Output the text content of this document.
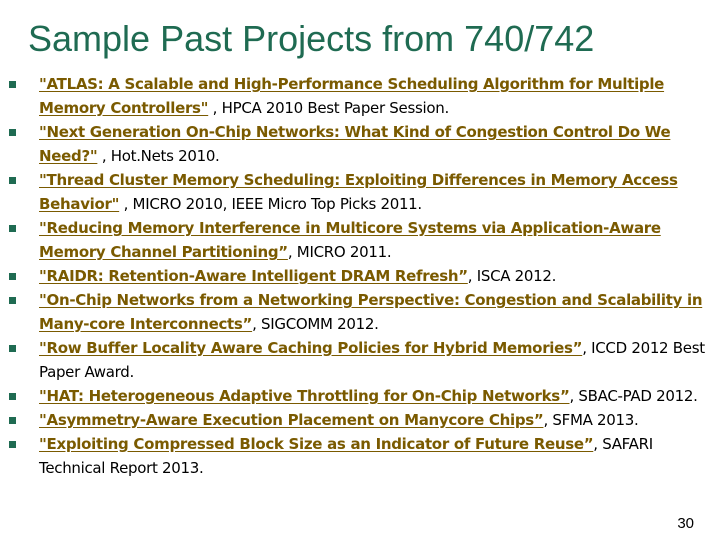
Sample Past Projects from 740/742
"ATLAS: A Scalable and High-Performance Scheduling Algorithm for Multiple Memory Controllers" , HPCA 2010 Best Paper Session.
"Next Generation On-Chip Networks: What Kind of Congestion Control Do We Need?" , Hot.Nets 2010.
"Thread Cluster Memory Scheduling: Exploiting Differences in Memory Access Behavior" , MICRO 2010, IEEE Micro Top Picks 2011.
"Reducing Memory Interference in Multicore Systems via Application-Aware Memory Channel Partitioning”, MICRO 2011.
"RAIDR: Retention-Aware Intelligent DRAM Refresh”, ISCA 2012.
"On-Chip Networks from a Networking Perspective: Congestion and Scalability in Many-core Interconnects”, SIGCOMM 2012.
"Row Buffer Locality Aware Caching Policies for Hybrid Memories”, ICCD 2012 Best Paper Award.
"HAT: Heterogeneous Adaptive Throttling for On-Chip Networks”, SBAC-PAD 2012.
"Asymmetry-Aware Execution Placement on Manycore Chips”, SFMA 2013.
"Exploiting Compressed Block Size as an Indicator of Future Reuse”, SAFARI Technical Report 2013.
30
